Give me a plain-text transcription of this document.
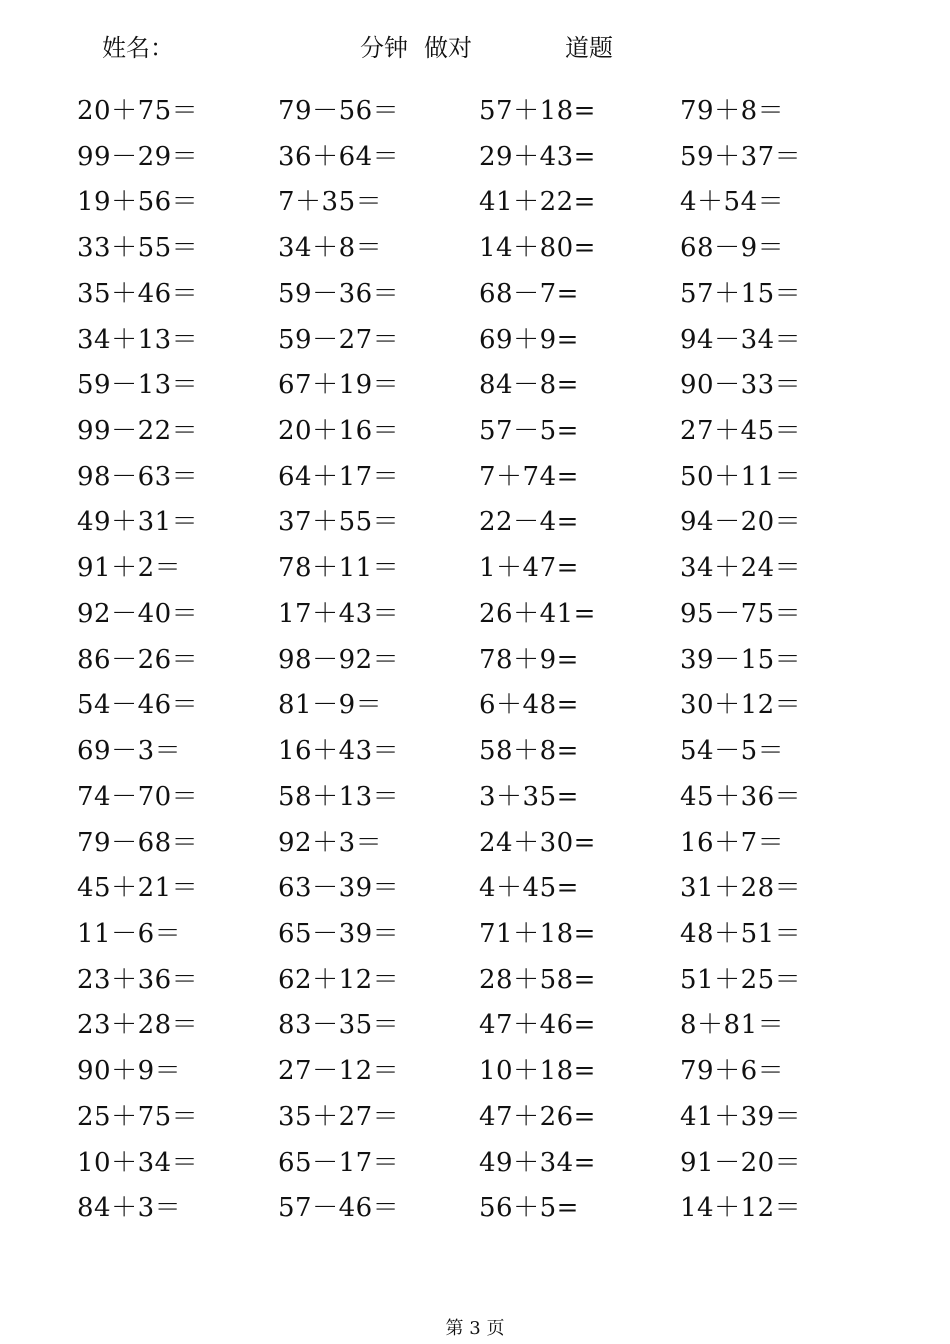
姓名：	分钟 做对	道题
20＋75＝	79－56＝	57＋18=	79＋8＝
99－29＝	36＋64＝	29＋43=	59＋37＝
19＋56＝	7＋35＝	41＋22=	4＋54＝
33＋55＝	34＋8＝	14＋80=	68－9＝
35＋46＝	59－36＝	68－7=	57＋15＝
34＋13＝	59－27＝	69＋9=	94－34＝
59－13＝	67＋19＝	84－8=	90－33＝
99－22＝	20＋16＝	57－5=	27＋45＝
98－63＝	64＋17＝	7＋74=	50＋11＝
49＋31＝	37＋55＝	22－4=	94－20＝
91＋2＝	78＋11＝	1＋47=	34＋24＝
92－40＝	17＋43＝	26＋41=	95－75＝
86－26＝	98－92＝	78＋9=	39－15＝
54－46＝	81－9＝	6＋48=	30＋12＝
69－3＝	16＋43＝	58＋8=	54－5＝
74－70＝	58＋13＝	3＋35=	45＋36＝
79－68＝	92＋3＝	24＋30=	16＋7＝
45＋21＝	63－39＝	4＋45=	31＋28＝
11－6＝	65－39＝	71＋18=	48＋51＝
23＋36＝	62＋12＝	28＋58=	51＋25＝
23＋28＝	83－35＝	47＋46=	8＋81＝
90＋9＝	27－12＝	10＋18=	79＋6＝
25＋75＝	35＋27＝	47＋26=	41＋39＝
10＋34＝	65－17＝	49＋34=	91－20＝
84＋3＝	57－46＝	56＋5=	14＋12＝
第 3 页
